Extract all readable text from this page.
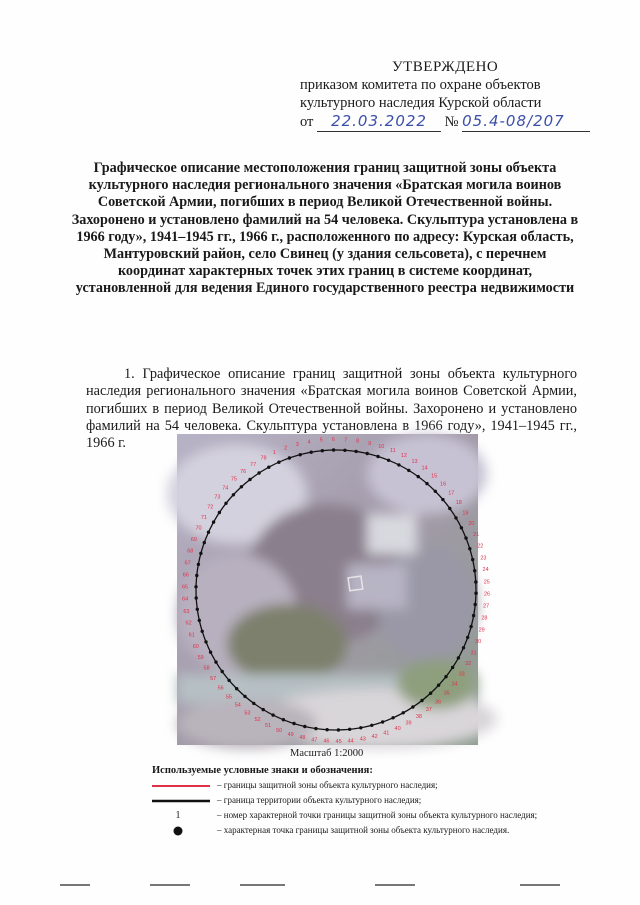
УТВЕРЖДЕНО
приказом комитета по охране объектов
культурного наследия Курской области
от 22.03.2022 № 05.4-08/207
Графическое описание местоположения границ защитной зоны объекта культурного наследия регионального значения «Братская могила воинов Советской Армии, погибших в период Великой Отечественной войны. Захоронено и установлено фамилий на 54 человека. Скульптура установлена в 1966 году», 1941–1945 гг., 1966 г., расположенного по адресу: Курская область, Мантуровский район, село Свинец (у здания сельсовета), с перечнем координат характерных точек этих границ в системе координат, установленной для ведения Единого государственного реестра недвижимости
1. Графическое описание границ защитной зоны объекта культурного наследия регионального значения «Братская могила воинов Советской Армии, погибших в период Великой Отечественной войны. Захоронено и установлено фамилий на 54 человека. Скульптура установлена в 1966 году», 1941–1945 гг., 1966 г.
1
2
3 4 5 6 7 8 9
10
11
12
13
14
15
16
17
18
19
20
21
22
23
24
25
26
27
28
29
30
31
32
33
34
35
36
37
38
39
40
41
42
43
44
45
46
47
48
49
50
51
52
53
54
55
56
57
58
59
60
61
62
63
64
65
66
67
68
69
70
71
72
73
74
75
76
77
78
Масштаб 1:2000
Используемые условные знаки и обозначения:
– границы защитной зоны объекта культурного наследия;
– граница территории объекта культурного наследия;
1	– номер характерной точки границы защитной зоны объекта культурного наследия;
– характерная точка границы защитной зоны объекта культурного наследия.
